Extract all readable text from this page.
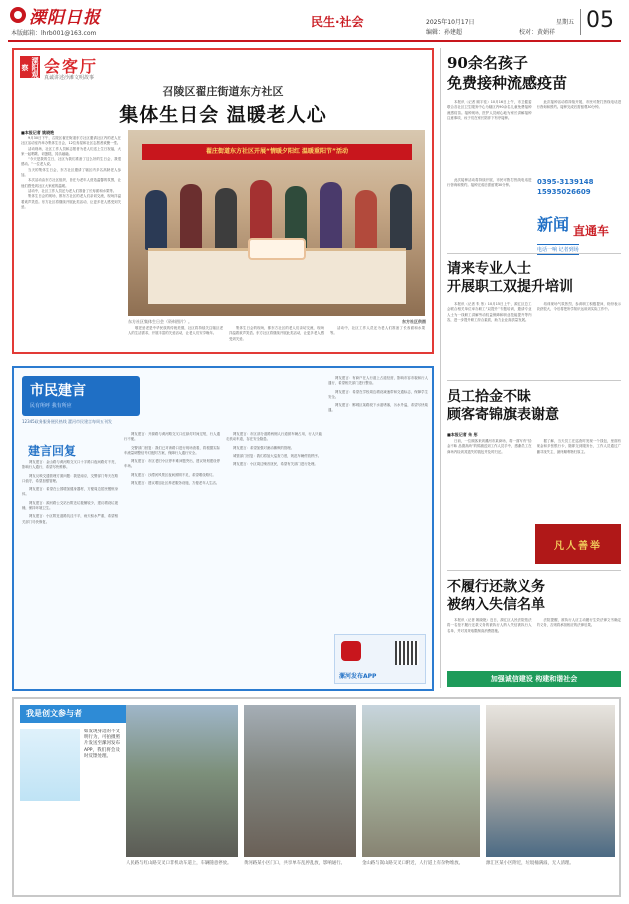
溧阳日报
本版邮箱：lhrb001@163.com
2025年10月17日	星期五
编辑：孙建超	校对：黄娟祥
民生·社会	05
溧阳观察 会客厅
真诚讲述沙滩文明故事
召陵区翟庄街道东方社区
集体生日会 温暖老人心
■本报记者 姚晓艳

9月30日下午，召陵区翟庄街道东方社区邀请社区内的老人在社区活动室内举办集体生日会，12位寿星和社区志愿者欢聚一堂。

活动现场，社区工作人员和志愿者为老人们送上生日祝福，大家一起唱歌、切蛋糕，其乐融融。

“今天是我的生日，社区为我们准备了这么好的生日会，我很感动。”一位老人说。

当天的集体生日会，东方社区邀请了辖区内多名高龄老人参加。

本次活动由东方社区组织，旨在为老年人营造温馨的氛围，让他们感受到社区大家庭的温暖。

活动中，社区工作人员还为老人们准备了长寿面和水果等。

集体生日会的现场，都东方社区的老人们亲切交流，现场洋溢着欢声笑语。东方社区将继续开展此类活动，让更多老人感受到关爱。

翟庄街道东方社区开展“情暖夕阳红 温暖重阳节”活动
东方社区集体生日会（资料图片）。	东方社区供图

敬老爱老是中华民族的传统美德，社区将持续关注辖区老人的生活需求，开展丰富的关爱活动，让老人们安享晚年。

集体生日会的现场，都东方社区的老人们亲切交流，现场洋溢着欢声笑语。东方社区将继续开展此类活动，让更多老人感受到关爱。

活动中，社区工作人员还为老人们准备了长寿面和水果等。

市民建言
民有所呼 我有所应
12345政务服务便民热线 漯河市民建言每周五刊发
建言回复

网友建言：金山路与黄河路交叉口十字路口夜间路灯不亮，影响行人通行，希望尽快维修。

网友反映交通管理方面问题：我是南京，交警部门每天在路口值守，希望加强管理。

网友建言：希望在公园增加健身器材，方便周边居民锻炼身体。

网友建言：源河路公交站台附近垃圾桶较少，建议增设垃圾桶，保持环境卫生。

网友建言：小区附近道路坑洼不平，雨天积水严重，希望相关部门尽快修复。

网友建言：开源路与黄河路交叉口红绿灯时间过短，行人通行不便。

交警部门回复：我们已对该路口进行现场查看，将根据实际车流量调整信号灯配时方案，保障行人通行安全。

网友建言：市区老旧小区停车难问题突出，建议规划建设停车场。

网友建言：沙澧河风景区夜间照明不足，希望增设路灯。

网友建言：建议增加社区养老服务设施，方便老年人生活。

网友建言：市区部分道路两侧人行道被车辆占用，行人只能走机动车道，存在安全隐患。

网友建言：希望加强对流动摊贩的管理。

城管部门回复：我们将加大巡查力度，规范车辆停放秩序。

网友建言：小区周边噪音扰民，希望有关部门进行处理。

网友建言：有商户在人行道上占道经营，影响市容市貌和行人通行，希望相关部门进行整治。

网友建言：希望在学校周边增设减速带和交通标志，保障学生安全。

网友建言：郾城区某路段下水道堵塞，污水外溢，希望尽快疏通。

漯河发布APP
90余名孩子
免费接种流感疫苗

本报讯（记者 顾宇佳）10月16日上午，市卫健委联合各社区卫生服务中心为辖区内90余名儿童免费接种流感疫苗。接种现场，医护人员耐心地为家长讲解接种注意事项，孩子们在家长陪伴下有序接种。

此次接种活动将持续开展，市民可拨打热线电话进行咨询和预约。接种完成后需留观30分钟。

此次接种活动将持续开展，市民可拨打热线电话进行咨询和预约。接种完成后需留观30分钟。

0395-3139148
15935026609
新闻 直通车
电话一响 记者到场
请来专业人士
开展职工双提升培训

本报讯（记者 朱 彤）10月15日上午，源汇区总工会联合相关单位举办职工“双提升”专题培训，邀请专业人士为一线职工讲解劳动权益保障和职业技能提升等内容，进一步提升职工综合素质，助力企业高质量发展。

培训现场气氛热烈，参训职工积极提问，纷纷表示收获很大，今后将把所学知识运用到实际工作中。

员工拾金不昧
顾客寄锦旗表谢意
■本报记者 朱 彤

日前，一位顾客来到漯河市某商场，将一面写有“拾金不昧 品德高尚”的锦旗送到工作人员手中，感谢员工在商场内捡到其遗失的钱包并及时归还。

据了解，当天员工在巡查时发现一个钱包，里面有现金和多张银行卡，随即交到服务台，工作人员通过广播寻找失主，最终顺利物归原主。

凡人善举
不履行还款义务
被纳入失信名单

本报讯（记者 姚晓艳）近日，源汇区人民法院依法将一名拒不履行还款义务的被执行人纳入失信被执行人名单，并对其采取限制高消费措施。

法院提醒，被执行人应主动履行生效法律文书确定的义务，否则将承担相应的法律后果。

加强诚信建设 构建和谐社会
我是创文参与者
如发现身边的不文明行为，可拍摄照片发送至漯河发布APP，我们将会及时反馈处理。
人民路与红山路交叉口非机动车道上，车辆随意停放。	黄河路某小区门口，共享单车乱停乱放，影响通行。	金山路与嵩山路交叉口附近，人行道上有杂物堆放。	源汇区某小区附近，垃圾桶满溢，无人清理。
